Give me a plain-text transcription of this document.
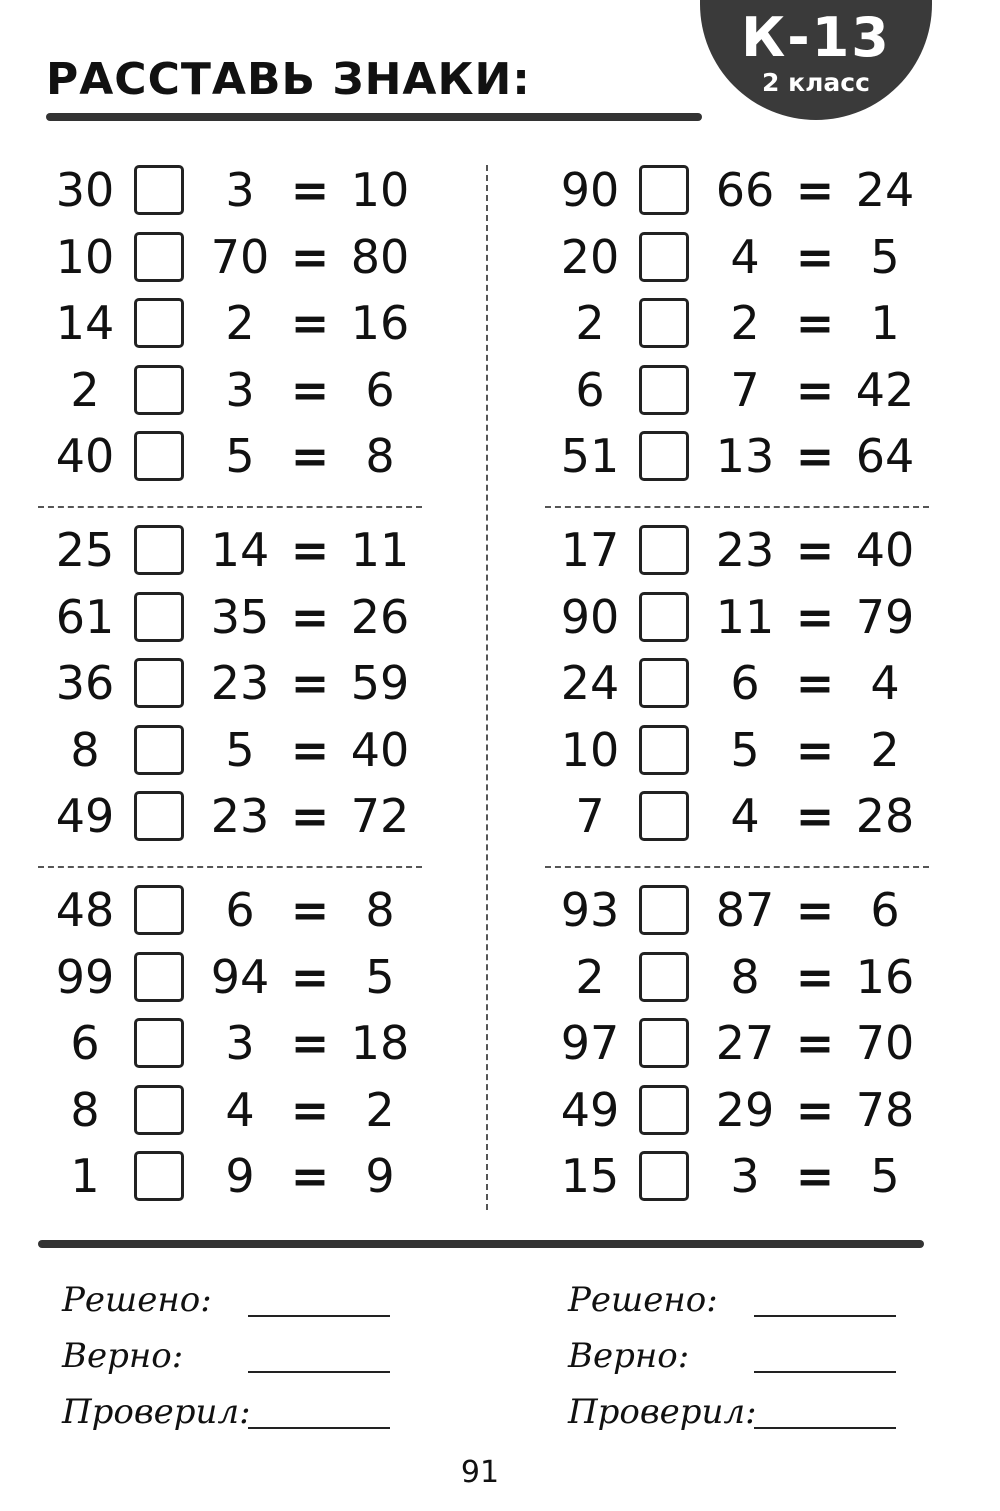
РАССТАВЬ ЗНАКИ:
К-13
2 класс
30	3 = 10
10	70 = 80
14	2 = 16
2	3 = 6
40	5 = 8
25	14 = 11
61	35 = 26
36	23 = 59
8	5 = 40
49	23 = 72
48	6 = 8
99	94 = 5
6	3 = 18
8	4 = 2
1	9 = 9
90	66 = 24
20	4 = 5
2	2 = 1
6	7 = 42
51	13 = 64
17	23 = 40
90	11 = 79
24	6 = 4
10	5 = 2
7	4 = 28
93	87 = 6
2	8 = 16
97	27 = 70
49	29 = 78
15	3 = 5
Решено:
Верно:
Проверил:
Решено:
Верно:
Проверил:
91
